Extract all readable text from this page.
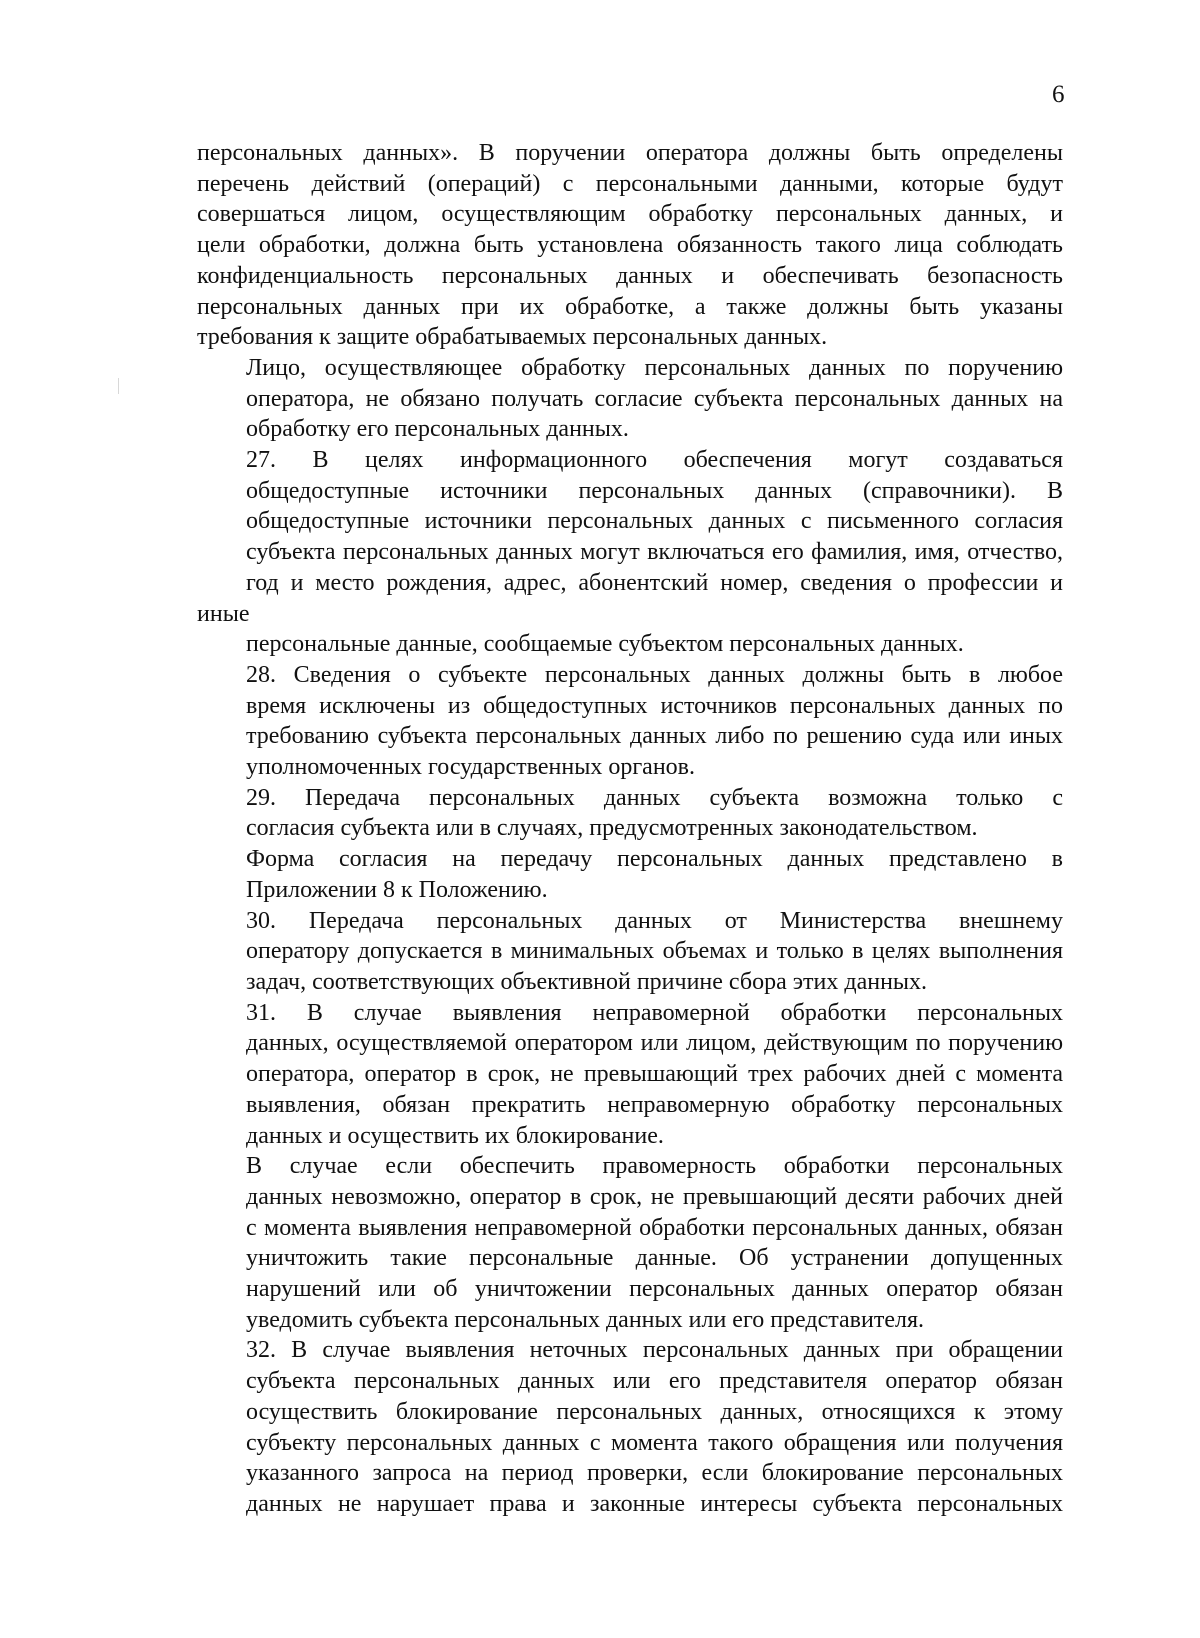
6

персональных данных». В поручении оператора должны быть определены
перечень действий (операций) с персональными данными, которые будут
совершаться лицом, осуществляющим обработку персональных данных, и
цели обработки, должна быть установлена обязанность такого лица соблюдать
конфиденциальность персональных данных и обеспечивать безопасность
персональных данных при их обработке, а также должны быть указаны
требования к защите обрабатываемых персональных данных.

Лицо, осуществляющее обработку персональных данных по поручению
оператора, не обязано получать согласие субъекта персональных данных на
обработку его персональных данных.

27. В целях информационного обеспечения могут создаваться
общедоступные источники персональных данных (справочники). В
общедоступные источники персональных данных с письменного согласия
субъекта персональных данных могут включаться его фамилия, имя, отчество,
год и место рождения, адрес, абонентский номер, сведения о профессии и иные
персональные данные, сообщаемые субъектом персональных данных.

28. Сведения о субъекте персональных данных должны быть в любое
время исключены из общедоступных источников персональных данных по
требованию субъекта персональных данных либо по решению суда или иных
уполномоченных государственных органов.

29. Передача персональных данных субъекта возможна только с
согласия субъекта или в случаях, предусмотренных законодательством.

Форма согласия на передачу персональных данных представлено в
Приложении 8 к Положению.

30. Передача персональных данных от Министерства внешнему
оператору допускается в минимальных объемах и только в целях выполнения
задач, соответствующих объективной причине сбора этих данных.

31. В случае выявления неправомерной обработки персональных
данных, осуществляемой оператором или лицом, действующим по поручению
оператора, оператор в срок, не превышающий трех рабочих дней с момента
выявления, обязан прекратить неправомерную обработку персональных
данных и осуществить их блокирование.

В случае если обеспечить правомерность обработки персональных
данных невозможно, оператор в срок, не превышающий десяти рабочих дней
с момента выявления неправомерной обработки персональных данных, обязан
уничтожить такие персональные данные. Об устранении допущенных
нарушений или об уничтожении персональных данных оператор обязан
уведомить субъекта персональных данных или его представителя.

32. В случае выявления неточных персональных данных при обращении
субъекта персональных данных или его представителя оператор обязан
осуществить блокирование персональных данных, относящихся к этому
субъекту персональных данных с момента такого обращения или получения
указанного запроса на период проверки, если блокирование персональных
данных не нарушает права и законные интересы субъекта персональных
